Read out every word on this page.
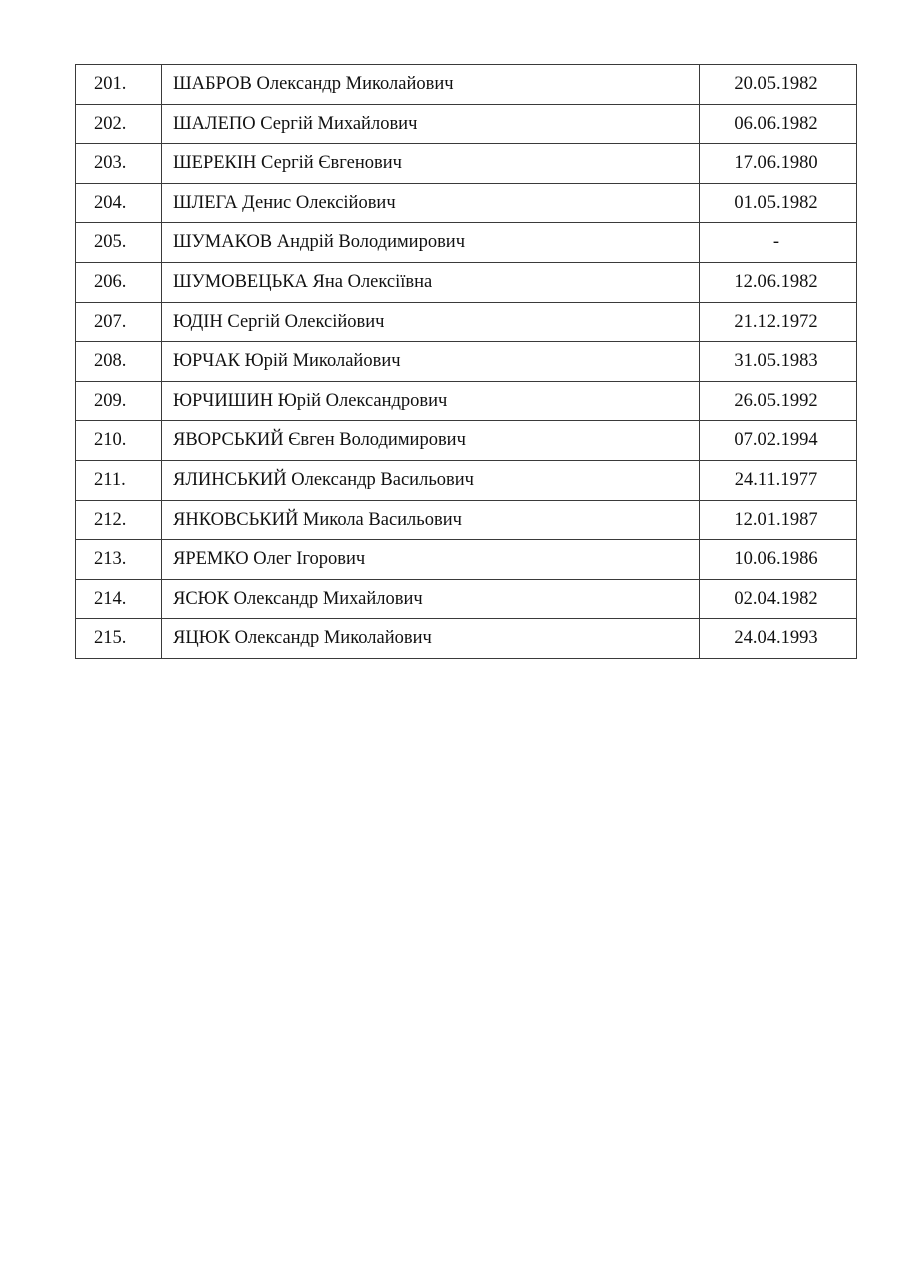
201.	ШАБРОВ Олександр Миколайович	20.05.1982
202.	ШАЛЕПО Сергій Михайлович	06.06.1982
203.	ШЕРЕКІН Сергій Євгенович	17.06.1980
204.	ШЛЕГА Денис Олексійович	01.05.1982
205.	ШУМАКОВ Андрій Володимирович	-
206.	ШУМОВЕЦЬКА Яна Олексіївна	12.06.1982
207.	ЮДІН Сергій Олексійович	21.12.1972
208.	ЮРЧАК Юрій Миколайович	31.05.1983
209.	ЮРЧИШИН Юрій Олександрович	26.05.1992
210.	ЯВОРСЬКИЙ Євген Володимирович	07.02.1994
211.	ЯЛИНСЬКИЙ Олександр Васильович	24.11.1977
212.	ЯНКОВСЬКИЙ Микола Васильович	12.01.1987
213.	ЯРЕМКО Олег Ігорович	10.06.1986
214.	ЯСЮК Олександр Михайлович	02.04.1982
215.	ЯЦЮК Олександр Миколайович	24.04.1993
